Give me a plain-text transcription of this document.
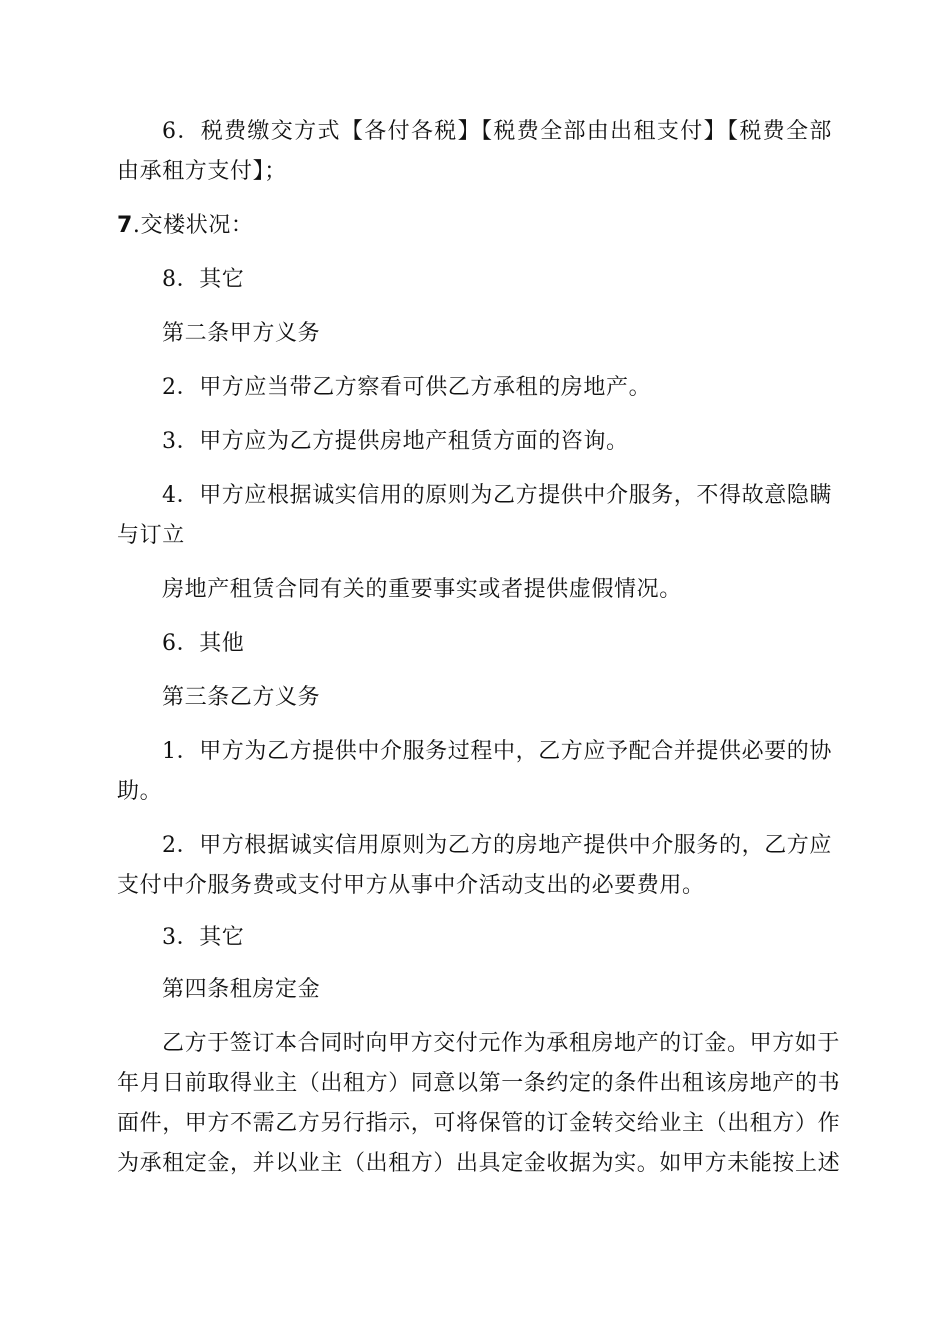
6．税费缴交方式【各付各税】【税费全部由出租支付】【税费全部
由承租方支付】；
7.交楼状况：
8．其它
第二条甲方义务
2．甲方应当带乙方察看可供乙方承租的房地产。
3．甲方应为乙方提供房地产租赁方面的咨询。
4．甲方应根据诚实信用的原则为乙方提供中介服务，不得故意隐瞒
与订立
房地产租赁合同有关的重要事实或者提供虚假情况。
6．其他
第三条乙方义务
1．甲方为乙方提供中介服务过程中，乙方应予配合并提供必要的协
助。
2．甲方根据诚实信用原则为乙方的房地产提供中介服务的，乙方应
支付中介服务费或支付甲方从事中介活动支出的必要费用。
3．其它
第四条租房定金
乙方于签订本合同时向甲方交付元作为承租房地产的订金。甲方如于
年月日前取得业主（出租方）同意以第一条约定的条件出租该房地产的书
面件，甲方不需乙方另行指示，可将保管的订金转交给业主（出租方）作
为承租定金，并以业主（出租方）出具定金收据为实。如甲方未能按上述
